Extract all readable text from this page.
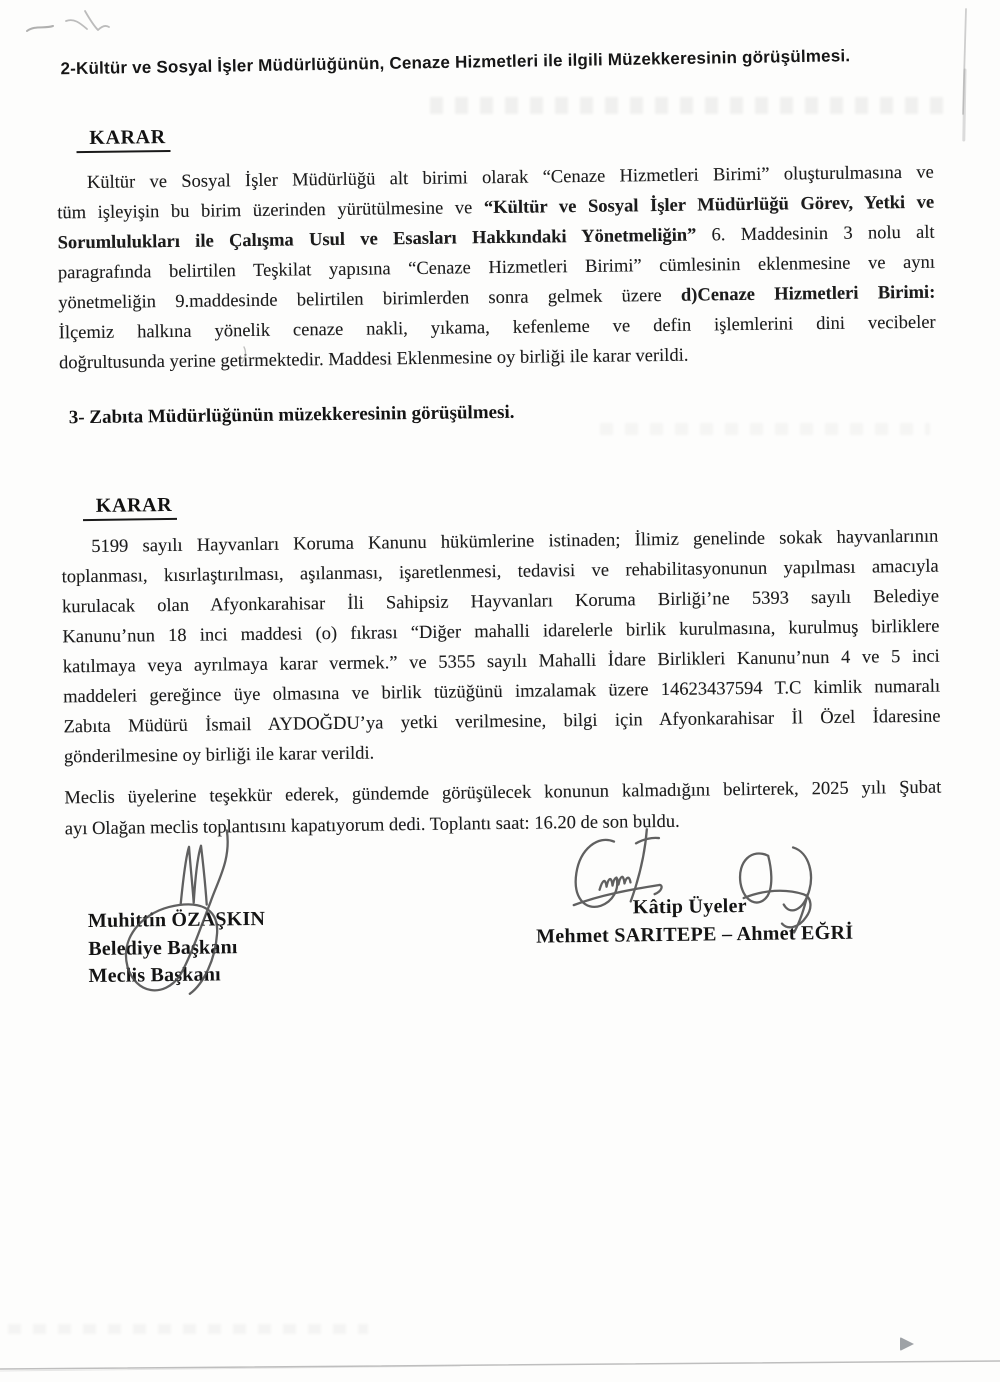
2-Kültür ve Sosyal İşler Müdürlüğünün, Cenaze Hizmetleri ile ilgili Müzekkeresinin görüşülmesi.
KARAR
Kültür ve Sosyal İşler Müdürlüğü alt birimi olarak “Cenaze Hizmetleri Birimi” oluşturulmasına ve
tüm işleyişin bu birim üzerinden yürütülmesine ve “Kültür ve Sosyal İşler Müdürlüğü Görev, Yetki ve
Sorumlulukları ile Çalışma Usul ve Esasları Hakkındaki Yönetmeliğin” 6. Maddesinin 3 nolu alt
paragrafında belirtilen Teşkilat yapısına “Cenaze Hizmetleri Birimi” cümlesinin eklenmesine ve aynı
yönetmeliğin 9.maddesinde belirtilen birimlerden sonra gelmek üzere d)Cenaze Hizmetleri Birimi:
İlçemiz halkına yönelik cenaze nakli, yıkama, kefenleme ve defin işlemlerini dini vecibeler
doğrultusunda yerine getirmektedir. Maddesi Eklenmesine oy birliği ile karar verildi.
3- Zabıta Müdürlüğünün müzekkeresinin görüşülmesi.
KARAR
5199 sayılı Hayvanları Koruma Kanunu hükümlerine istinaden; İlimiz genelinde sokak hayvanlarının
toplanması, kısırlaştırılması, aşılanması, işaretlenmesi, tedavisi ve rehabilitasyonunun yapılması amacıyla
kurulacak olan Afyonkarahisar İli Sahipsiz Hayvanları Koruma Birliği’ne 5393 sayılı Belediye
Kanunu’nun 18 inci maddesi (o) fıkrası “Diğer mahalli idarelerle birlik kurulmasına, kurulmuş birliklere
katılmaya veya ayrılmaya karar vermek.” ve 5355 sayılı Mahalli İdare Birlikleri Kanunu’nun 4 ve 5 inci
maddeleri gereğince üye olmasına ve birlik tüzüğünü imzalamak üzere 14623437594 T.C kimlik numaralı
Zabıta Müdürü İsmail AYDOĞDU’ya yetki verilmesine, bilgi için Afyonkarahisar İl Özel İdaresine
gönderilmesine oy birliği ile karar verildi.
Meclis üyelerine teşekkür ederek, gündemde görüşülecek konunun kalmadığını belirterek, 2025 yılı Şubat
ayı Olağan meclis toplantısını kapatıyorum dedi. Toplantı saat: 16.20 de son buldu.
Muhittin ÖZAŞKIN
Belediye Başkanı
Meclis Başkanı
Kâtip Üyeler
Mehmet SARITEPE – Ahmet EĞRİ
